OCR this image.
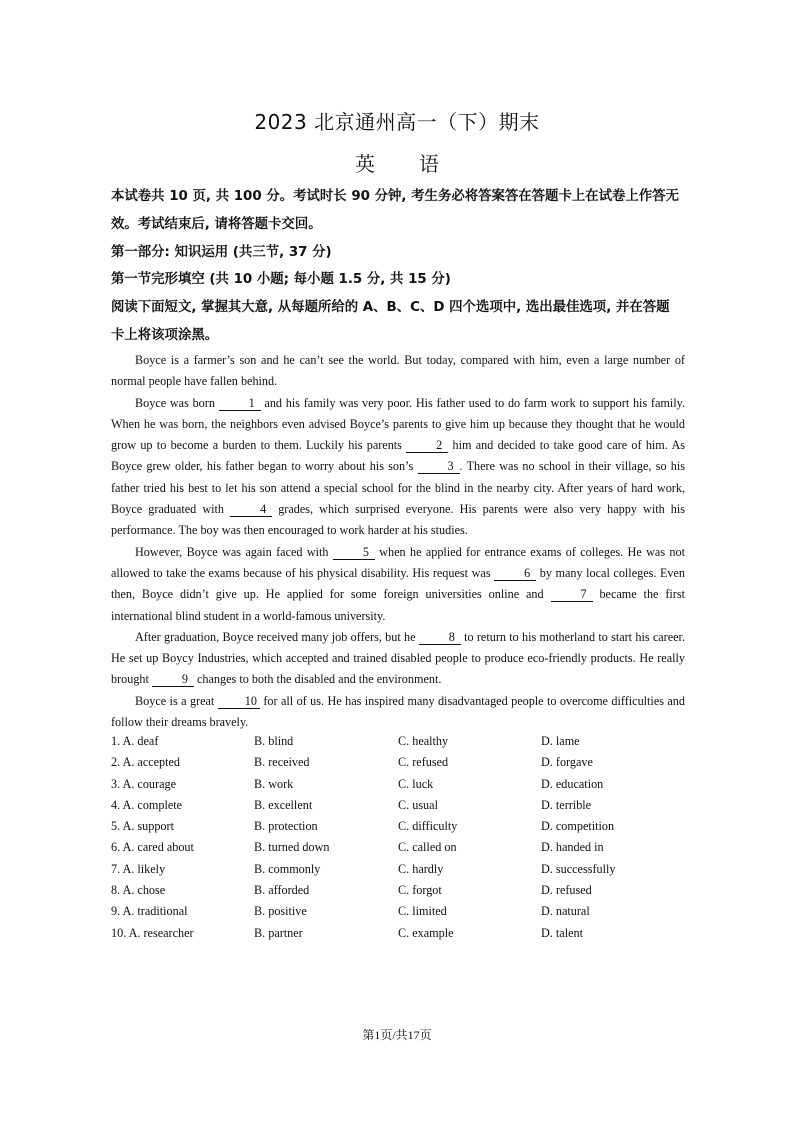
2023 北京通州高一（下）期末
英 语
本试卷共 10 页, 共 100 分。考试时长 90 分钟, 考生务必将答案答在答题卡上在试卷上作答无
效。考试结束后, 请将答题卡交回。
第一部分: 知识运用 (共三节, 37 分)
第一节完形填空 (共 10 小题; 每小题 1.5 分, 共 15 分)
阅读下面短文, 掌握其大意, 从每题所给的 A、B、C、D 四个选项中, 选出最佳选项, 并在答题
卡上将该项涂黑。

Boyce is a farmer’s son and he can’t see the world. But today, compared with him, even a large number of normal people have fallen behind.

Boyce was born 1 and his family was very poor. His father used to do farm work to support his family. When he was born, the neighbors even advised Boyce’s parents to give him up because they thought that he would grow up to become a burden to them. Luckily his parents 2 him and decided to take good care of him. As Boyce grew older, his father began to worry about his son’s 3 . There was no school in their village, so his father tried his best to let his son attend a special school for the blind in the nearby city. After years of hard work, Boyce graduated with 4 grades, which surprised everyone. His parents were also very happy with his performance. The boy was then encouraged to work harder at his studies.

However, Boyce was again faced with 5 when he applied for entrance exams of colleges. He was not allowed to take the exams because of his physical disability. His request was 6 by many local colleges. Even then, Boyce didn’t give up. He applied for some foreign universities online and 7 became the first international blind student in a world-famous university.

After graduation, Boyce received many job offers, but he 8 to return to his motherland to start his career. He set up Boycy Industries, which accepted and trained disabled people to produce eco-friendly products. He really brought 9 changes to both the disabled and the environment.

Boyce is a great 10 for all of us. He has inspired many disadvantaged people to overcome difficulties and follow their dreams bravely.

1. A. deaf	B. blind	C. healthy	D. lame
2. A. accepted	B. received	C. refused	D. forgave
3. A. courage	B. work	C. luck	D. education
4. A. complete	B. excellent	C. usual	D. terrible
5. A. support	B. protection	C. difficulty	D. competition
6. A. cared about	B. turned down	C. called on	D. handed in
7. A. likely	B. commonly	C. hardly	D. successfully
8. A. chose	B. afforded	C. forgot	D. refused
9. A. traditional	B. positive	C. limited	D. natural
10. A. researcher	B. partner	C. example	D. talent
第1页/共17页
